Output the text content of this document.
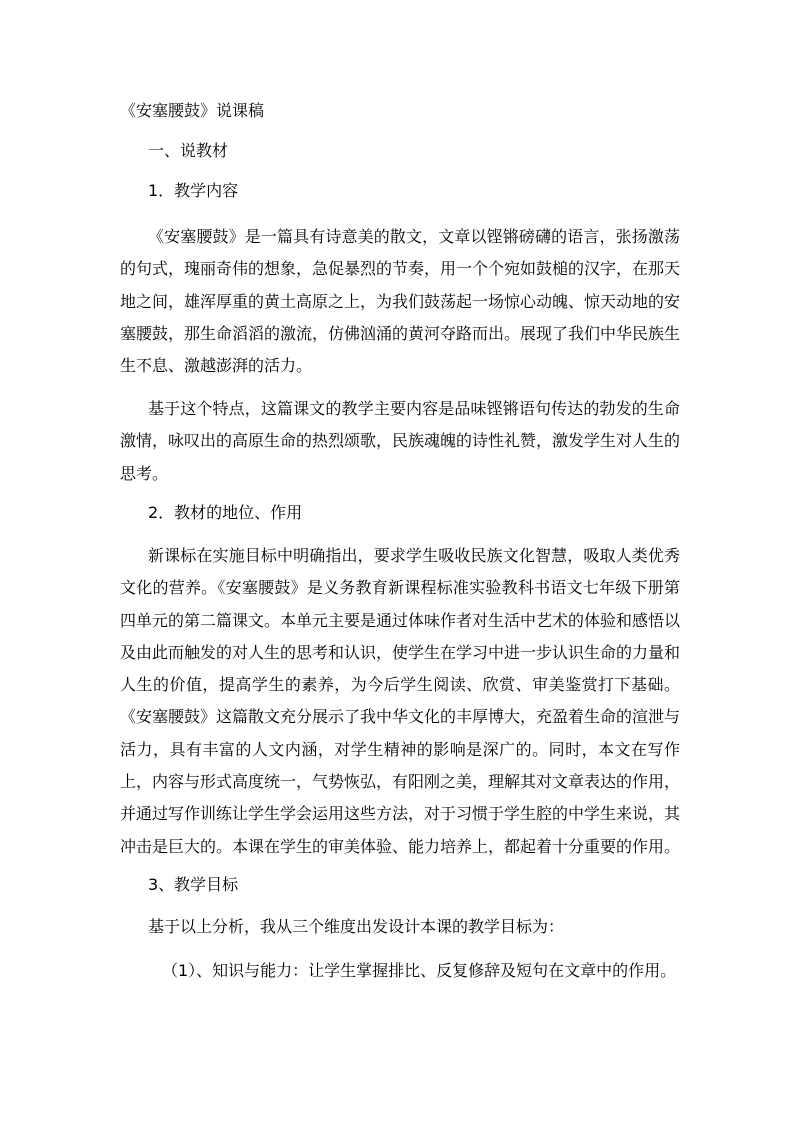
《安塞腰鼓》说课稿
一、说教材
1．教学内容
《安塞腰鼓》是一篇具有诗意美的散文，文章以铿锵磅礴的语言，张扬激荡的句式，瑰丽奇伟的想象，急促暴烈的节奏，用一个个宛如鼓槌的汉字，在那天地之间，雄浑厚重的黄土高原之上，为我们鼓荡起一场惊心动魄、惊天动地的安塞腰鼓，那生命滔滔的激流，仿佛汹涌的黄河夺路而出。展现了我们中华民族生生不息、激越澎湃的活力。
基于这个特点，这篇课文的教学主要内容是品味铿锵语句传达的勃发的生命激情，咏叹出的高原生命的热烈颂歌，民族魂魄的诗性礼赞，激发学生对人生的思考。
2．教材的地位、作用
新课标在实施目标中明确指出，要求学生吸收民族文化智慧，吸取人类优秀文化的营养。《安塞腰鼓》是义务教育新课程标准实验教科书语文七年级下册第四单元的第二篇课文。本单元主要是通过体味作者对生活中艺术的体验和感悟以及由此而触发的对人生的思考和认识，使学生在学习中进一步认识生命的力量和人生的价值，提高学生的素养，为今后学生阅读、欣赏、审美鉴赏打下基础。《安塞腰鼓》这篇散文充分展示了我中华文化的丰厚博大，充盈着生命的渲泄与活力，具有丰富的人文内涵，对学生精神的影响是深广的。同时，本文在写作上，内容与形式高度统一，气势恢弘，有阳刚之美，理解其对文章表达的作用，并通过写作训练让学生学会运用这些方法，对于习惯于学生腔的中学生来说，其冲击是巨大的。本课在学生的审美体验、能力培养上，都起着十分重要的作用。
3、教学目标
基于以上分析，我从三个维度出发设计本课的教学目标为：
（1）、知识与能力：让学生掌握排比、反复修辞及短句在文章中的作用。
